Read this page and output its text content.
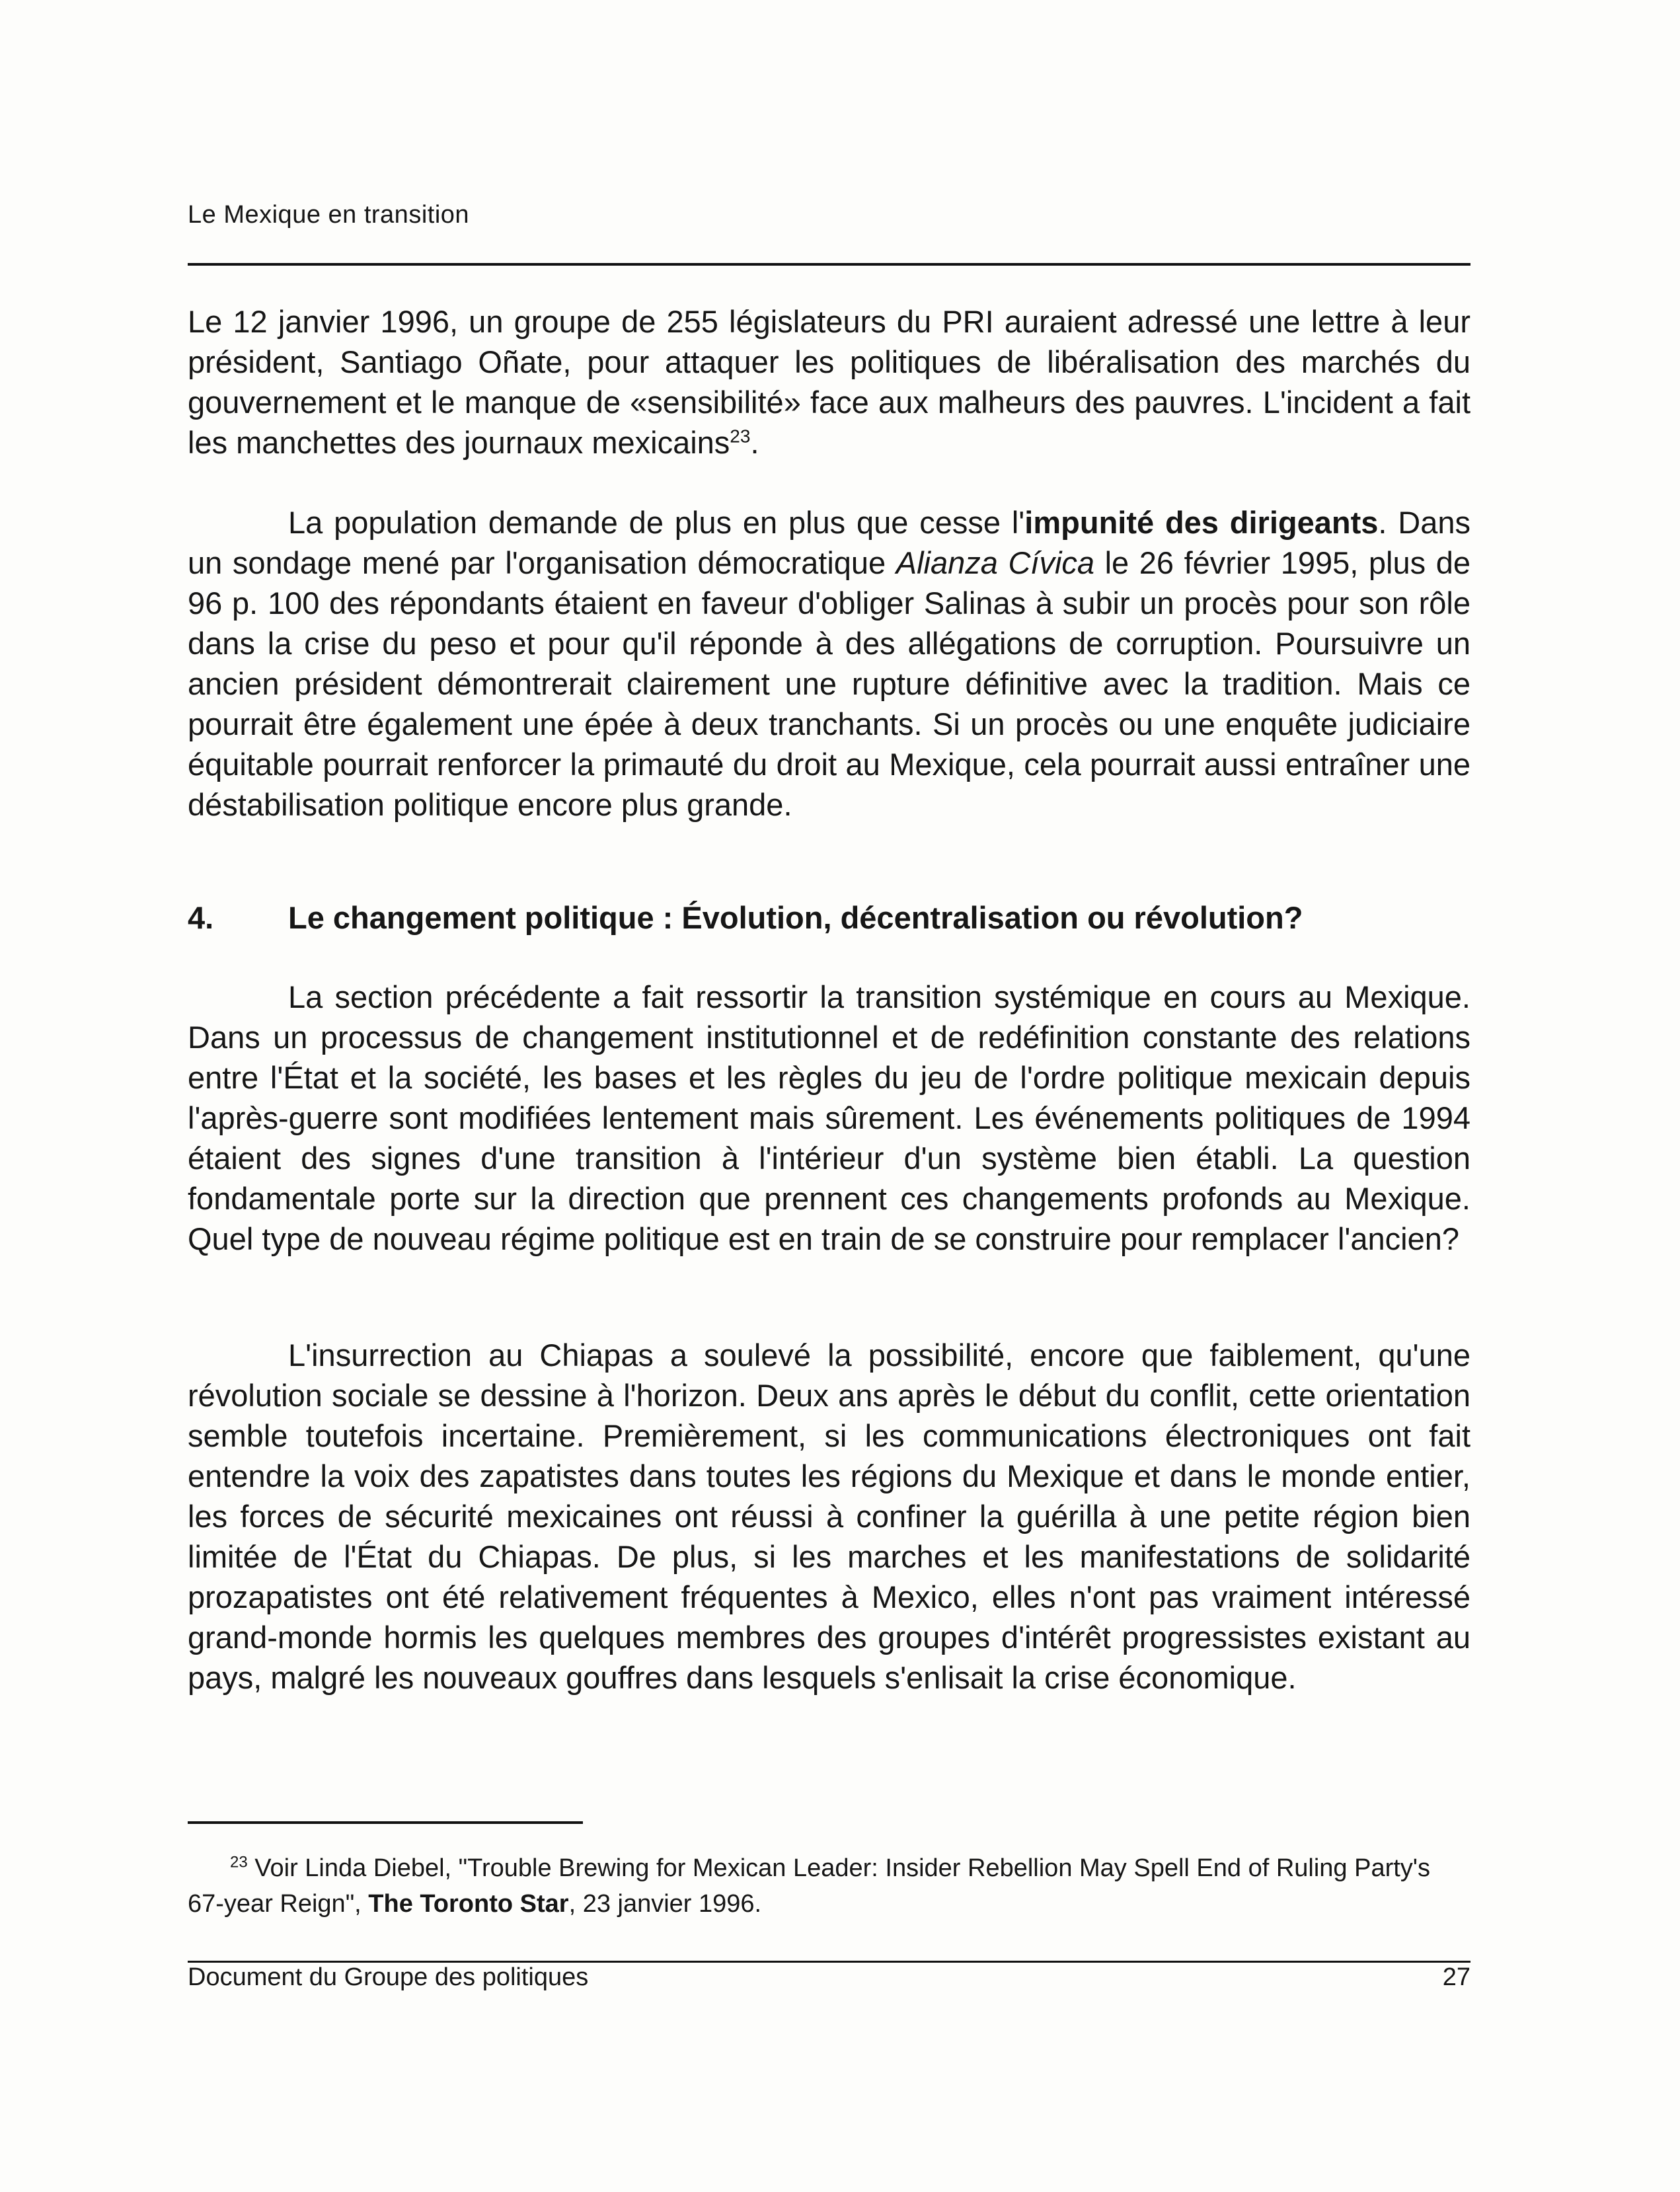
Le Mexique en transition

Le 12 janvier 1996, un groupe de 255 législateurs du PRI auraient adressé une lettre à leur président, Santiago Oñate, pour attaquer les politiques de libéralisation des marchés du gouvernement et le manque de «sensibilité» face aux malheurs des pauvres. L'incident a fait les manchettes des journaux mexicains$^{23}$.

La population demande de plus en plus que cesse l'impunité des dirigeants. Dans un sondage mené par l'organisation démocratique Alianza Cívica le 26 février 1995, plus de 96 p. 100 des répondants étaient en faveur d'obliger Salinas à subir un procès pour son rôle dans la crise du peso et pour qu'il réponde à des allégations de corruption. Poursuivre un ancien président démontrerait clairement une rupture définitive avec la tradition. Mais ce pourrait être également une épée à deux tranchants. Si un procès ou une enquête judiciaire équitable pourrait renforcer la primauté du droit au Mexique, cela pourrait aussi entraîner une déstabilisation politique encore plus grande.

4. Le changement politique : Évolution, décentralisation ou révolution?

La section précédente a fait ressortir la transition systémique en cours au Mexique. Dans un processus de changement institutionnel et de redéfinition constante des relations entre l'État et la société, les bases et les règles du jeu de l'ordre politique mexicain depuis l'après-guerre sont modifiées lentement mais sûrement. Les événements politiques de 1994 étaient des signes d'une transition à l'intérieur d'un système bien établi. La question fondamentale porte sur la direction que prennent ces changements profonds au Mexique. Quel type de nouveau régime politique est en train de se construire pour remplacer l'ancien?

L'insurrection au Chiapas a soulevé la possibilité, encore que faiblement, qu'une révolution sociale se dessine à l'horizon. Deux ans après le début du conflit, cette orientation semble toutefois incertaine. Premièrement, si les communications électroniques ont fait entendre la voix des zapatistes dans toutes les régions du Mexique et dans le monde entier, les forces de sécurité mexicaines ont réussi à confiner la guérilla à une petite région bien limitée de l'État du Chiapas. De plus, si les marches et les manifestations de solidarité prozapatistes ont été relativement fréquentes à Mexico, elles n'ont pas vraiment intéressé grand-monde hormis les quelques membres des groupes d'intérêt progressistes existant au pays, malgré les nouveaux gouffres dans lesquels s'enlisait la crise économique.

$^{23}$ Voir Linda Diebel, "Trouble Brewing for Mexican Leader: Insider Rebellion May Spell End of Ruling Party's 67-year Reign", The Toronto Star, 23 janvier 1996.
Document du Groupe des politiques	27
